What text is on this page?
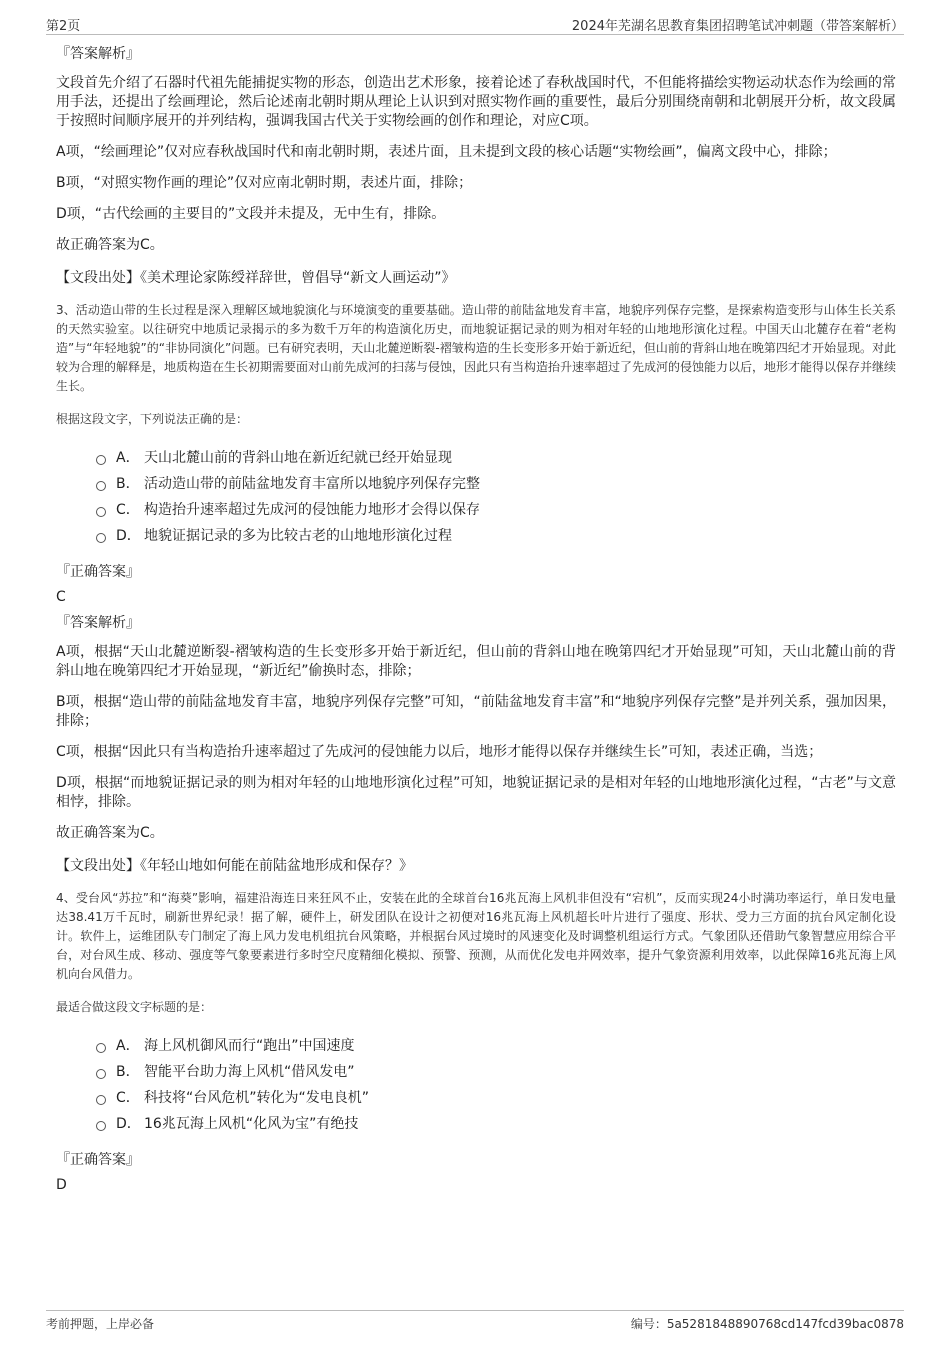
第2页	2024年芜湖名思教育集团招聘笔试冲刺题（带答案解析）
『答案解析』

文段首先介绍了石器时代祖先能捕捉实物的形态，创造出艺术形象，接着论述了春秋战国时代，不但能将描绘实物运动状态作为绘画的常用手法，还提出了绘画理论，然后论述南北朝时期从理论上认识到对照实物作画的重要性，最后分别围绕南朝和北朝展开分析，故文段属于按照时间顺序展开的并列结构，强调我国古代关于实物绘画的创作和理论，对应C项。

A项，“绘画理论”仅对应春秋战国时代和南北朝时期，表述片面，且未提到文段的核心话题“实物绘画”，偏离文段中心，排除；

B项，“对照实物作画的理论”仅对应南北朝时期，表述片面，排除；

D项，“古代绘画的主要目的”文段并未提及，无中生有，排除。

故正确答案为C。

【文段出处】《美术理论家陈绶祥辞世，曾倡导“新文人画运动”》

3、活动造山带的生长过程是深入理解区域地貌演化与环境演变的重要基础。造山带的前陆盆地发育丰富，地貌序列保存完整，是探索构造变形与山体生长关系的天然实验室。以往研究中地质记录揭示的多为数千万年的构造演化历史，而地貌证据记录的则为相对年轻的山地地形演化过程。中国天山北麓存在着“老构造”与“年轻地貌”的“非协同演化”问题。已有研究表明，天山北麓逆断裂-褶皱构造的生长变形多开始于新近纪，但山前的背斜山地在晚第四纪才开始显现。对此较为合理的解释是，地质构造在生长初期需要面对山前先成河的扫荡与侵蚀，因此只有当构造抬升速率超过了先成河的侵蚀能力以后，地形才能得以保存并继续生长。

根据这段文字，下列说法正确的是：
A． 天山北麓山前的背斜山地在新近纪就已经开始显现
B． 活动造山带的前陆盆地发育丰富所以地貌序列保存完整
C． 构造抬升速率超过先成河的侵蚀能力地形才会得以保存
D． 地貌证据记录的多为比较古老的山地地形演化过程
『正确答案』
C
『答案解析』

A项，根据“天山北麓逆断裂-褶皱构造的生长变形多开始于新近纪，但山前的背斜山地在晚第四纪才开始显现”可知，天山北麓山前的背斜山地在晚第四纪才开始显现，“新近纪”偷换时态，排除；

B项，根据“造山带的前陆盆地发育丰富，地貌序列保存完整”可知，“前陆盆地发育丰富”和“地貌序列保存完整”是并列关系，强加因果，排除；

C项，根据“因此只有当构造抬升速率超过了先成河的侵蚀能力以后，地形才能得以保存并继续生长”可知，表述正确，当选；

D项，根据“而地貌证据记录的则为相对年轻的山地地形演化过程”可知，地貌证据记录的是相对年轻的山地地形演化过程，“古老”与文意相悖，排除。

故正确答案为C。

【文段出处】《年轻山地如何能在前陆盆地形成和保存？》

4、受台风“苏拉”和“海葵”影响，福建沿海连日来狂风不止，安装在此的全球首台16兆瓦海上风机非但没有“宕机”，反而实现24小时满功率运行，单日发电量达38.41万千瓦时，刷新世界纪录！据了解，硬件上，研发团队在设计之初便对16兆瓦海上风机超长叶片进行了强度、形状、受力三方面的抗台风定制化设计。软件上，运维团队专门制定了海上风力发电机组抗台风策略，并根据台风过境时的风速变化及时调整机组运行方式。气象团队还借助气象智慧应用综合平台，对台风生成、移动、强度等气象要素进行多时空尺度精细化模拟、预警、预测，从而优化发电并网效率，提升气象资源利用效率，以此保障16兆瓦海上风机向台风借力。

最适合做这段文字标题的是：
A． 海上风机御风而行“跑出”中国速度
B． 智能平台助力海上风机“借风发电”
C． 科技将“台风危机”转化为“发电良机”
D． 16兆瓦海上风机“化风为宝”有绝技
『正确答案』
D
考前押题，上岸必备	编号：5a5281848890768cd147fcd39bac0878
